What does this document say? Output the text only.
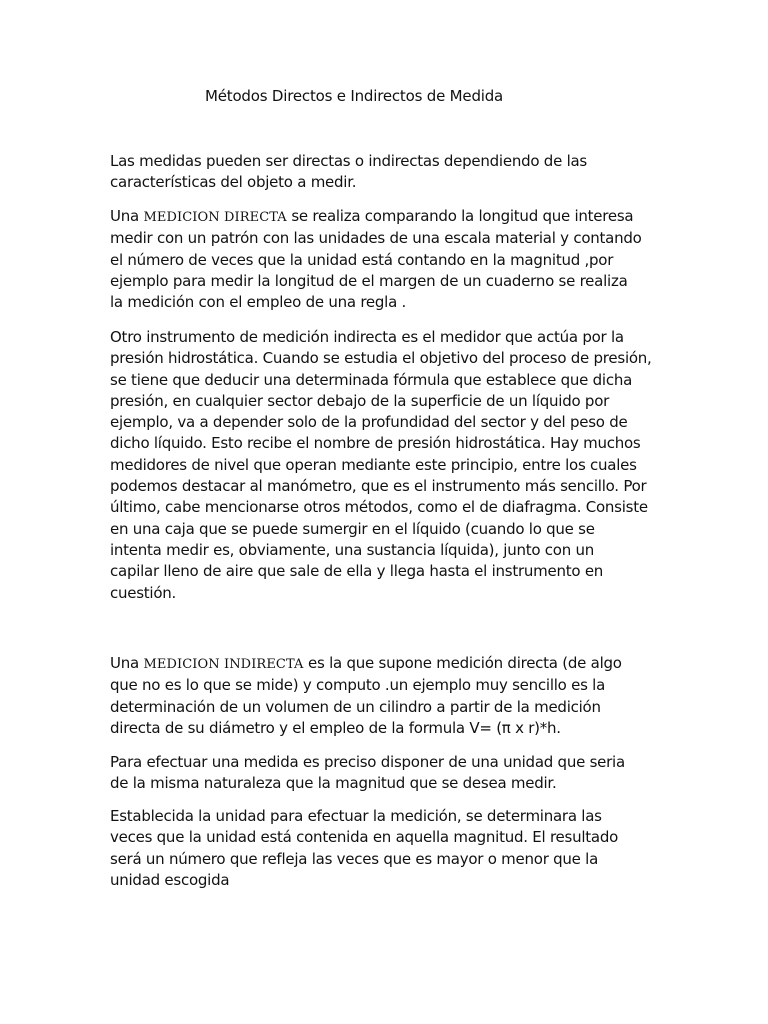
Métodos Directos e Indirectos de Medida

Las medidas pueden ser directas o indirectas dependiendo de las
características del objeto a medir.

Una MEDICION DIRECTA se realiza comparando la longitud que interesa
medir con un patrón con las unidades de una escala material y contando
el número de veces que la unidad está contando en la magnitud ,por
ejemplo para medir la longitud de el margen de un cuaderno se realiza
la medición con el empleo de una regla .

Otro instrumento de medición indirecta es el medidor que actúa por la
presión hidrostática. Cuando se estudia el objetivo del proceso de presión,
se tiene que deducir una determinada fórmula que establece que dicha
presión, en cualquier sector debajo de la superficie de un líquido por
ejemplo, va a depender solo de la profundidad del sector y del peso de
dicho líquido. Esto recibe el nombre de presión hidrostática. Hay muchos
medidores de nivel que operan mediante este principio, entre los cuales
podemos destacar al manómetro, que es el instrumento más sencillo. Por
último, cabe mencionarse otros métodos, como el de diafragma. Consiste
en una caja que se puede sumergir en el líquido (cuando lo que se
intenta medir es, obviamente, una sustancia líquida), junto con un
capilar lleno de aire que sale de ella y llega hasta el instrumento en
cuestión.

Una MEDICION INDIRECTA es la que supone medición directa (de algo
que no es lo que se mide) y computo .un ejemplo muy sencillo es la
determinación de un volumen de un cilindro a partir de la medición
directa de su diámetro y el empleo de la formula V= (π x r)*h.

Para efectuar una medida es preciso disponer de una unidad que seria
de la misma naturaleza que la magnitud que se desea medir.

Establecida la unidad para efectuar la medición, se determinara las
veces que la unidad está contenida en aquella magnitud. El resultado
será un número que refleja las veces que es mayor o menor que la
unidad escogida
